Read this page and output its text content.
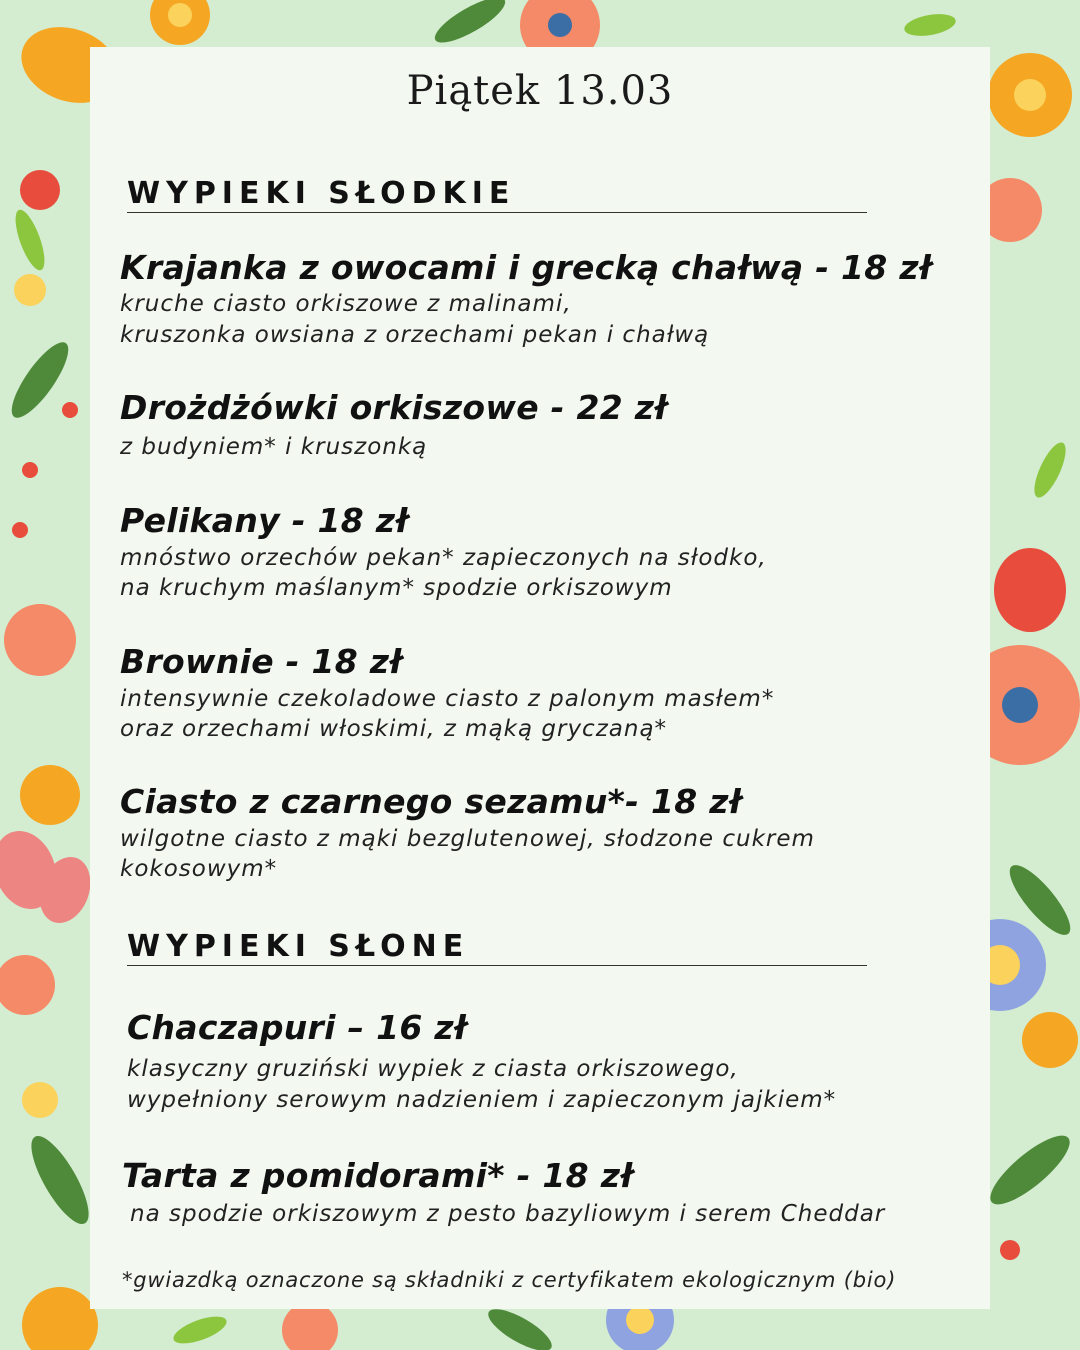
Piątek 13.03
WYPIEKI SŁODKIE
Krajanka z owocami i grecką chałwą - 18 zł
kruche ciasto orkiszowe z malinami,
kruszonka owsiana z orzechami pekan i chałwą
Drożdżówki orkiszowe - 22 zł
z budyniem* i kruszonką
Pelikany - 18 zł
mnóstwo orzechów pekan* zapieczonych na słodko,
na kruchym maślanym* spodzie orkiszowym
Brownie - 18 zł
intensywnie czekoladowe ciasto z palonym masłem*
oraz orzechami włoskimi, z mąką gryczaną*
Ciasto z czarnego sezamu*- 18 zł
wilgotne ciasto z mąki bezglutenowej, słodzone cukrem
kokosowym*
WYPIEKI SŁONE
Chaczapuri – 16 zł
klasyczny gruziński wypiek z ciasta orkiszowego,
wypełniony serowym nadzieniem i zapieczonym jajkiem*
Tarta z pomidorami* - 18 zł
na spodzie orkiszowym z pesto bazyliowym i serem Cheddar
*gwiazdką oznaczone są składniki z certyfikatem ekologicznym (bio)
